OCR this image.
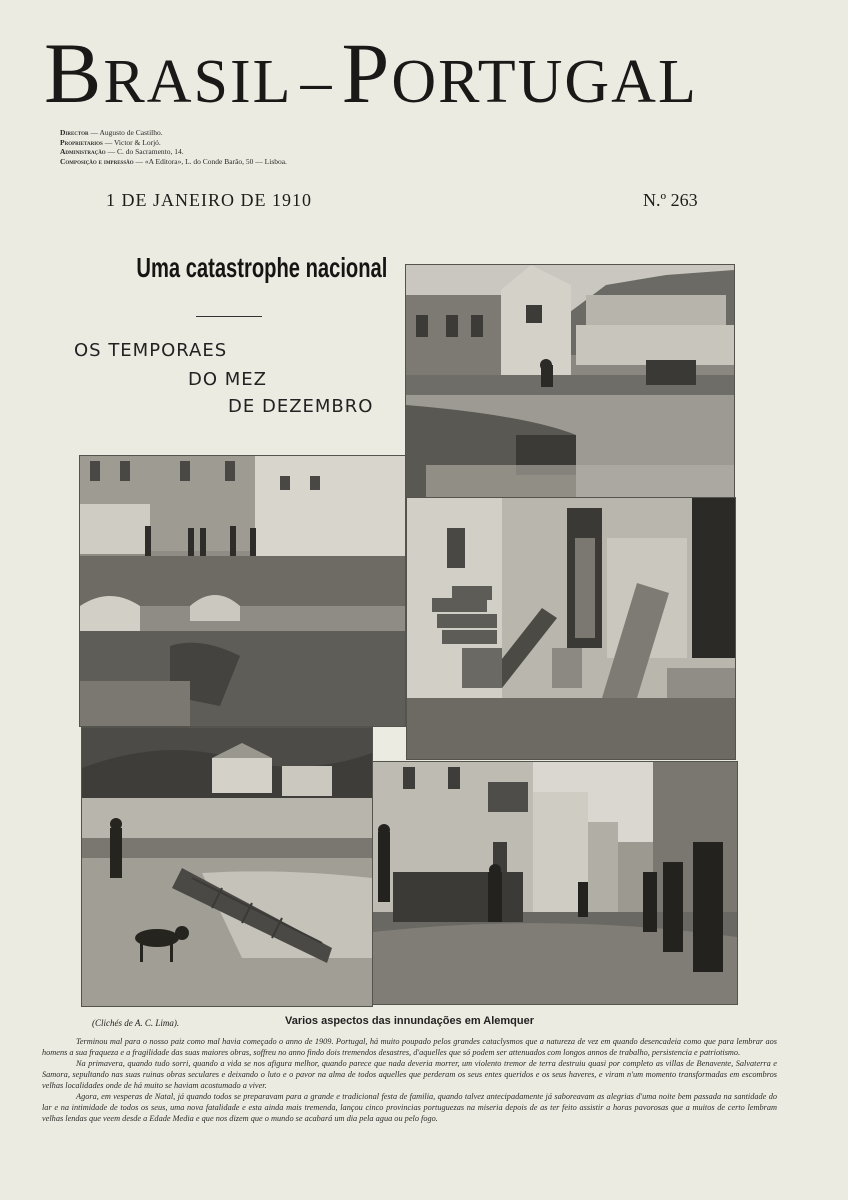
BRASIL –PORTUGAL
Director — Augusto de Castilho.
Proprietarios — Victor & Lorjó.
Administração — C. do Sacramento, 14.
Composição e impressão — «A Editora», L. do Conde Barão, 50 — Lisboa.
1 DE JANEIRO DE 1910	N.º 263
Uma catastrophe nacional
OS TEMPORAES
DO MEZ
DE DEZEMBRO
(Clichés de A. C. Lima).	Varios aspectos das innundações em Alemquer

Terminou mal para o nosso paiz como mal havia começado o anno de 1909. Portugal, há muito poupado pelos grandes cataclysmos que a natureza de vez em quando desencadeia como que para lembrar aos homens a sua fraqueza e a fragilidade das suas maiores obras, soffreu no anno findo dois tremendos desastres, d'aquelles que só podem ser attenuados com longos annos de trabalho, persistencia e patriotismo.

Na primavera, quando tudo sorri, quando a vida se nos afigura melhor, quando parece que nada deveria morrer, um violento tremor de terra destruiu quasi por completo as villas de Benavente, Salvaterra e Samora, sepultando nas suas ruinas obras seculares e deixando o luto e o pavor na alma de todos aquelles que perderam os seus entes queridos e os seus haveres, e viram n'um momento transformadas em escombros velhas localidades onde de há muito se haviam acostumado a viver.

Agora, em vesperas de Natal, já quando todos se preparavam para a grande e tradicional festa de familia, quando talvez antecipadamente já saboreavam as alegrias d'uma noite bem passada na santidade do lar e na intimidade de todos os seus, uma nova fatalidade e esta ainda mais tremenda, lançou cinco provincias portuguezas na miseria depois de as ter feito assistir a horas pavorosas que a muitos de certo lembram velhas lendas que veem desde a Edade Media e que nos dizem que o mundo se acabará um dia pela agua ou pelo fogo.
